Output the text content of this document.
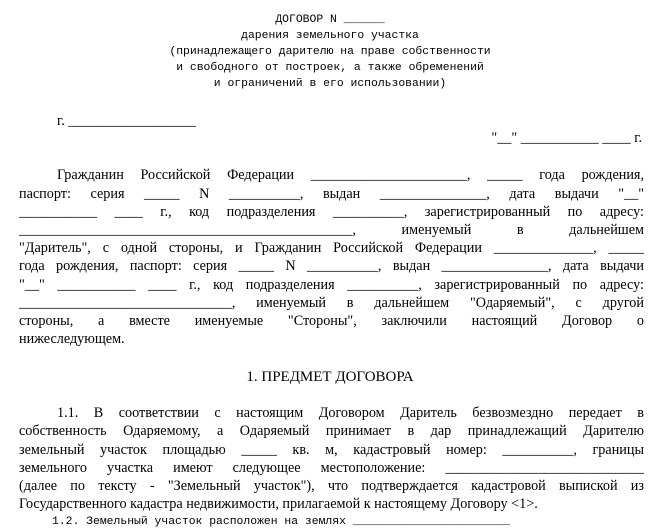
ДОГОВОР N ______
дарения земельного участка
(принадлежащего дарителю на праве собственности
и свободного от построек, а также обременений
и ограничений в его использовании)
г. __________________
"__" ___________ ____ г.
Гражданин Российской Федерации ______________________, _____ года рождения,
паспорт: серия _____ N __________, выдан _______________, дата выдачи "__"
___________ ____ г., код подразделения __________, зарегистрированный по адресу:
_______________________________________________, именуемый в дальнейшем
"Даритель", с одной стороны, и Гражданин Российской Федерации ______________, _____
года рождения, паспорт: серия _____ N __________, выдан _______________, дата выдачи
"__" ___________ ____ г., код подразделения __________, зарегистрированный по адресу:
______________________________, именуемый в дальнейшем "Одаряемый", с другой
стороны, а вместе именуемые "Стороны", заключили настоящий Договор о
нижеследующем.
1. ПРЕДМЕТ ДОГОВОРА
1.1. В соответствии с настоящим Договором Даритель безвозмездно передает в
собственность Одаряемому, а Одаряемый принимает в дар принадлежащий Дарителю
земельный участок площадью _____ кв. м, кадастровый номер: __________, границы
земельного участка имеют следующее местоположение: ____________________________
(далее по тексту - "Земельный участок"), что подтверждается кадастровой выпиской из
Государственного кадастра недвижимости, прилагаемой к настоящему Договору <1>.
1.2. Земельный участок расположен на землях _______________________
